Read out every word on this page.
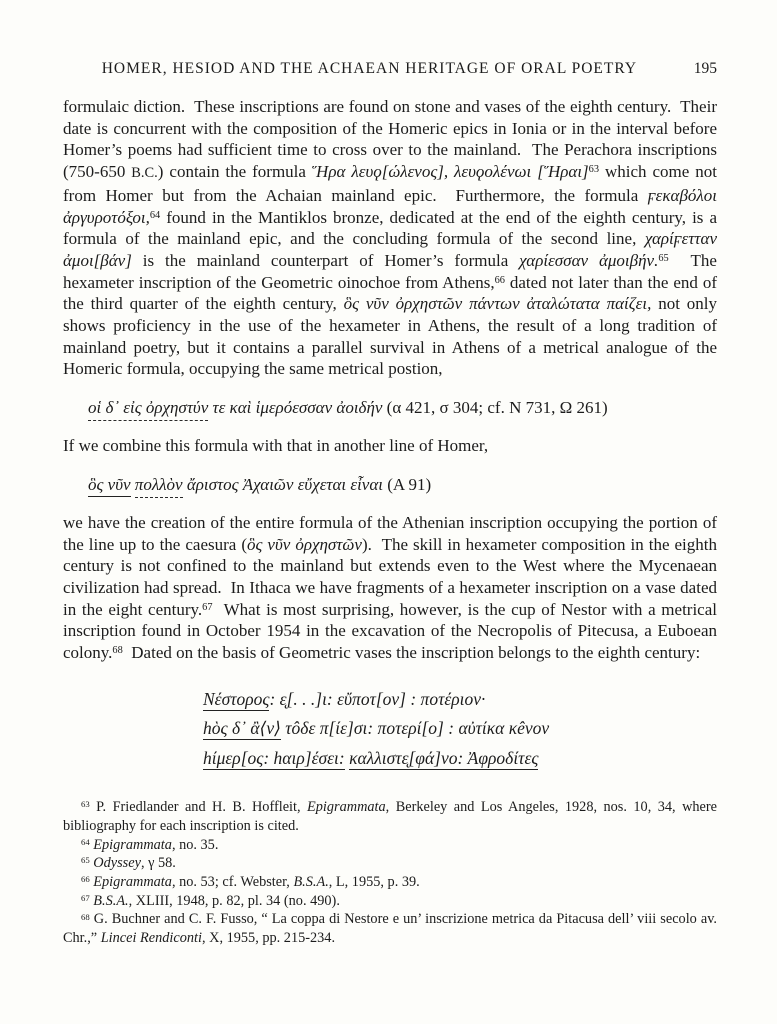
HOMER, HESIOD AND THE ACHAEAN HERITAGE OF ORAL POETRY	195

formulaic diction.  These inscriptions are found on stone and vases of the eighth century.  Their date is concurrent with the composition of the Homeric epics in Ionia or in the interval before Homer’s poems had sufficient time to cross over to the mainland.  The Perachora inscriptions (750-650 B.C.) contain the formula Ἥρα λευϙ[ώλενος], λευϙολένωι [Ἥραι]$^{63}$ which come not from Homer but from the Achaian mainland epic.  Furthermore, the formula ϝεκαβόλοι ἀργυροτόξοι,$^{64}$ found in the Mantiklos bronze, dedicated at the end of the eighth century, is a formula of the mainland epic, and the concluding formula of the second line, χαρίϝετταν ἀμοι[βάν] is the mainland counterpart of Homer’s formula χαρίεσσαν ἀμοιβήν.$^{65}$  The hexameter inscription of the Geometric oinochoe from Athens,$^{66}$ dated not later than the end of the third quarter of the eighth century, ὃς νῦν ὀρχηστῶν πάντων ἀταλώτατα παίζει, not only shows proficiency in the use of the hexameter in Athens, the result of a long tradition of mainland poetry, but it contains a parallel survival in Athens of a metrical analogue of the Homeric formula, occupying the same metrical postion,

οἱ δ᾽ εἰς ὀρχηστύν τε καὶ ἱμερόεσσαν ἀοιδήν (α 421, σ 304; cf. Ν 731, Ω 261)

If we combine this formula with that in another line of Homer,

ὃς νῦν πολλὸν ἄριστος Ἀχαιῶν εὔχεται εἶναι (A 91)

we have the creation of the entire formula of the Athenian inscription occupying the portion of the line up to the caesura (ὃς νῦν ὀρχηστῶν).  The skill in hexameter composition in the eighth century is not confined to the mainland but extends even to the West where the Mycenaean civilization had spread.  In Ithaca we have fragments of a hexameter inscription on a vase dated in the eight century.$^{67}$  What is most surprising, however, is the cup of Nestor with a metrical inscription found in October 1954 in the excavation of the Necropolis of Pitecusa, a Euboean colony.$^{68}$  Dated on the basis of Geometric vases the inscription belongs to the eighth century:

Νέστορος: ε̨[. . .]ι: εὔποτ[ον] : ποτέριον·
hὸς δ᾽ ἂ⟨ν⟩ τôδε π[ίε]σι: ποτερί[ο] : αὐτίκα κêνον
hίμερ[ος: hαιρ]έσει: καλλιστε̨[φά]νο: Ἀφροδίτες

$^{63}$ P. Friedlander and H. B. Hoffleit, Epigrammata, Berkeley and Los Angeles, 1928, nos. 10, 34, where bibliography for each inscription is cited.

$^{64}$ Epigrammata, no. 35.

$^{65}$ Odyssey, γ 58.

$^{66}$ Epigrammata, no. 53; cf. Webster, B.S.A., L, 1955, p. 39.

$^{67}$ B.S.A., XLIII, 1948, p. 82, pl. 34 (no. 490).

$^{68}$ G. Buchner and C. F. Fusso, “ La coppa di Nestore e un’ inscrizione metrica da Pitacusa dell’ viii secolo av. Chr.,” Lincei Rendiconti, X, 1955, pp. 215-234.
